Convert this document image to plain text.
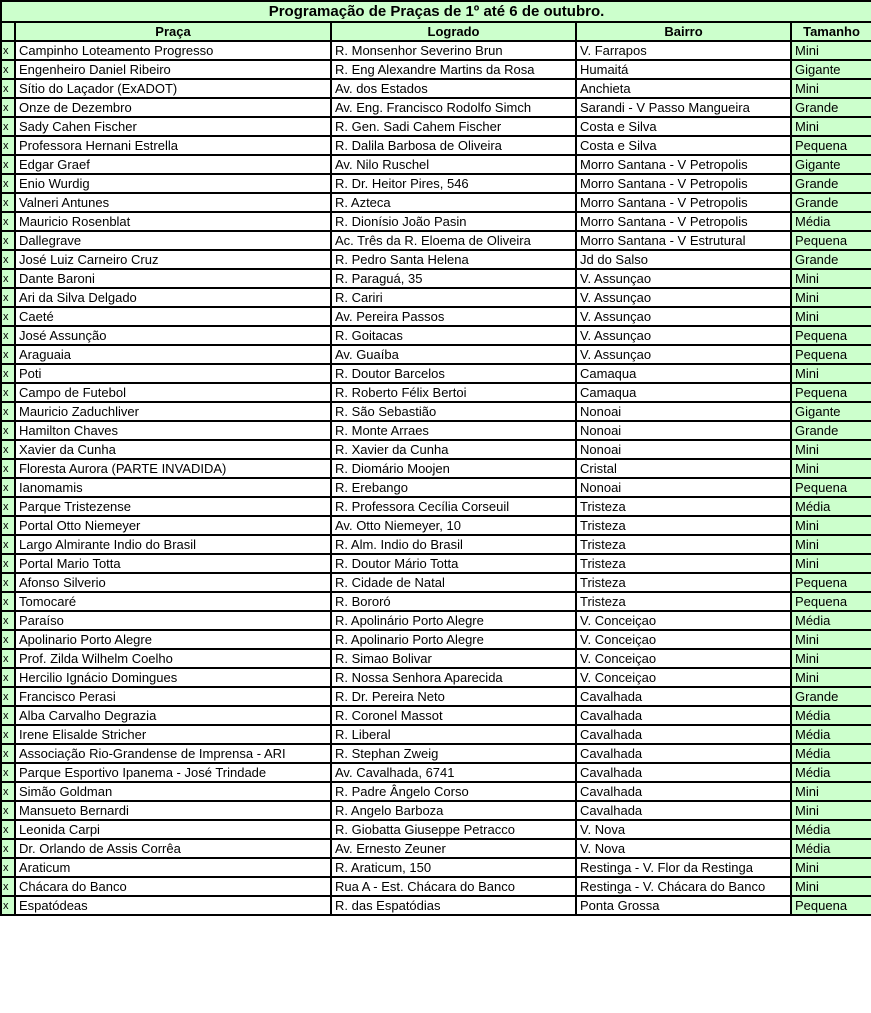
Programação de Praças de 1º até 6 de outubro.				
	Praça	Logrado	Bairro	Tamanho
x	Campinho Loteamento Progresso	R. Monsenhor Severino Brun	V. Farrapos	Mini
x	Engenheiro Daniel Ribeiro	R. Eng Alexandre Martins da Rosa	Humaitá	Gigante
x	Sítio do Laçador (ExADOT)	Av. dos Estados	Anchieta	Mini
x	Onze de Dezembro	Av. Eng. Francisco Rodolfo Simch	Sarandi - V Passo Mangueira	Grande
x	Sady Cahen Fischer	R. Gen. Sadi Cahem Fischer	Costa e Silva	Mini
x	Professora Hernani Estrella	R. Dalila Barbosa de Oliveira	Costa e Silva	Pequena
x	Edgar Graef	Av. Nilo Ruschel	Morro Santana - V Petropolis	Gigante
x	Enio Wurdig	R. Dr. Heitor Pires, 546	Morro Santana - V Petropolis	Grande
x	Valneri Antunes	R. Azteca	Morro Santana - V Petropolis	Grande
x	Mauricio Rosenblat	R. Dionísio João Pasin	Morro Santana - V Petropolis	Média
x	Dallegrave	Ac. Três da R. Eloema de Oliveira	Morro Santana - V Estrutural	Pequena
x	José Luiz Carneiro Cruz	R. Pedro Santa Helena	Jd do Salso	Grande
x	Dante Baroni	R. Paraguá, 35	V. Assunçao	Mini
x	Ari da Silva Delgado	R. Cariri	V. Assunçao	Mini
x	Caeté	Av. Pereira Passos	V. Assunçao	Mini
x	José Assunção	R. Goitacas	V. Assunçao	Pequena
x	Araguaia	Av. Guaíba	V. Assunçao	Pequena
x	Poti	R. Doutor Barcelos	Camaqua	Mini
x	Campo de Futebol	R. Roberto Félix Bertoi	Camaqua	Pequena
x	Mauricio Zaduchliver	R. São Sebastião	Nonoai	Gigante
x	Hamilton Chaves	R. Monte Arraes	Nonoai	Grande
x	Xavier da Cunha	R. Xavier da Cunha	Nonoai	Mini
x	Floresta Aurora (PARTE INVADIDA)	R. Diomário Moojen	Cristal	Mini
x	Ianomamis	R. Erebango	Nonoai	Pequena
x	Parque Tristezense	R. Professora Cecília Corseuil	Tristeza	Média
x	Portal Otto Niemeyer	Av. Otto Niemeyer, 10	Tristeza	Mini
x	Largo Almirante Indio do Brasil	R. Alm. Indio do Brasil	Tristeza	Mini
x	Portal Mario Totta	R. Doutor Mário Totta	Tristeza	Mini
x	Afonso Silverio	R. Cidade de Natal	Tristeza	Pequena
x	Tomocaré	R. Bororó	Tristeza	Pequena
x	Paraíso	R. Apolinário Porto Alegre	V. Conceiçao	Média
x	Apolinario Porto Alegre	R. Apolinario Porto Alegre	V. Conceiçao	Mini
x	Prof. Zilda Wilhelm Coelho	R. Simao Bolivar	V. Conceiçao	Mini
x	Hercilio Ignácio Domingues	R. Nossa Senhora Aparecida	V. Conceiçao	Mini
x	Francisco Perasi	R. Dr. Pereira Neto	Cavalhada	Grande
x	Alba Carvalho Degrazia	R. Coronel Massot	Cavalhada	Média
x	Irene Elisalde Stricher	R. Liberal	Cavalhada	Média
x	Associação Rio-Grandense de Imprensa - ARI	R. Stephan Zweig	Cavalhada	Média
x	Parque Esportivo Ipanema - José Trindade	Av. Cavalhada, 6741	Cavalhada	Média
x	Simão Goldman	R. Padre Ângelo Corso	Cavalhada	Mini
x	Mansueto Bernardi	R. Angelo Barboza	Cavalhada	Mini
x	Leonida Carpi	R. Giobatta Giuseppe Petracco	V. Nova	Média
x	Dr. Orlando de Assis Corrêa	Av. Ernesto Zeuner	V. Nova	Média
x	Araticum	R. Araticum, 150	Restinga - V. Flor da Restinga	Mini
x	Chácara do Banco	Rua A - Est. Chácara do Banco	Restinga - V. Chácara do Banco	Mini
x	Espatódeas	R. das Espatódias	Ponta Grossa	Pequena
